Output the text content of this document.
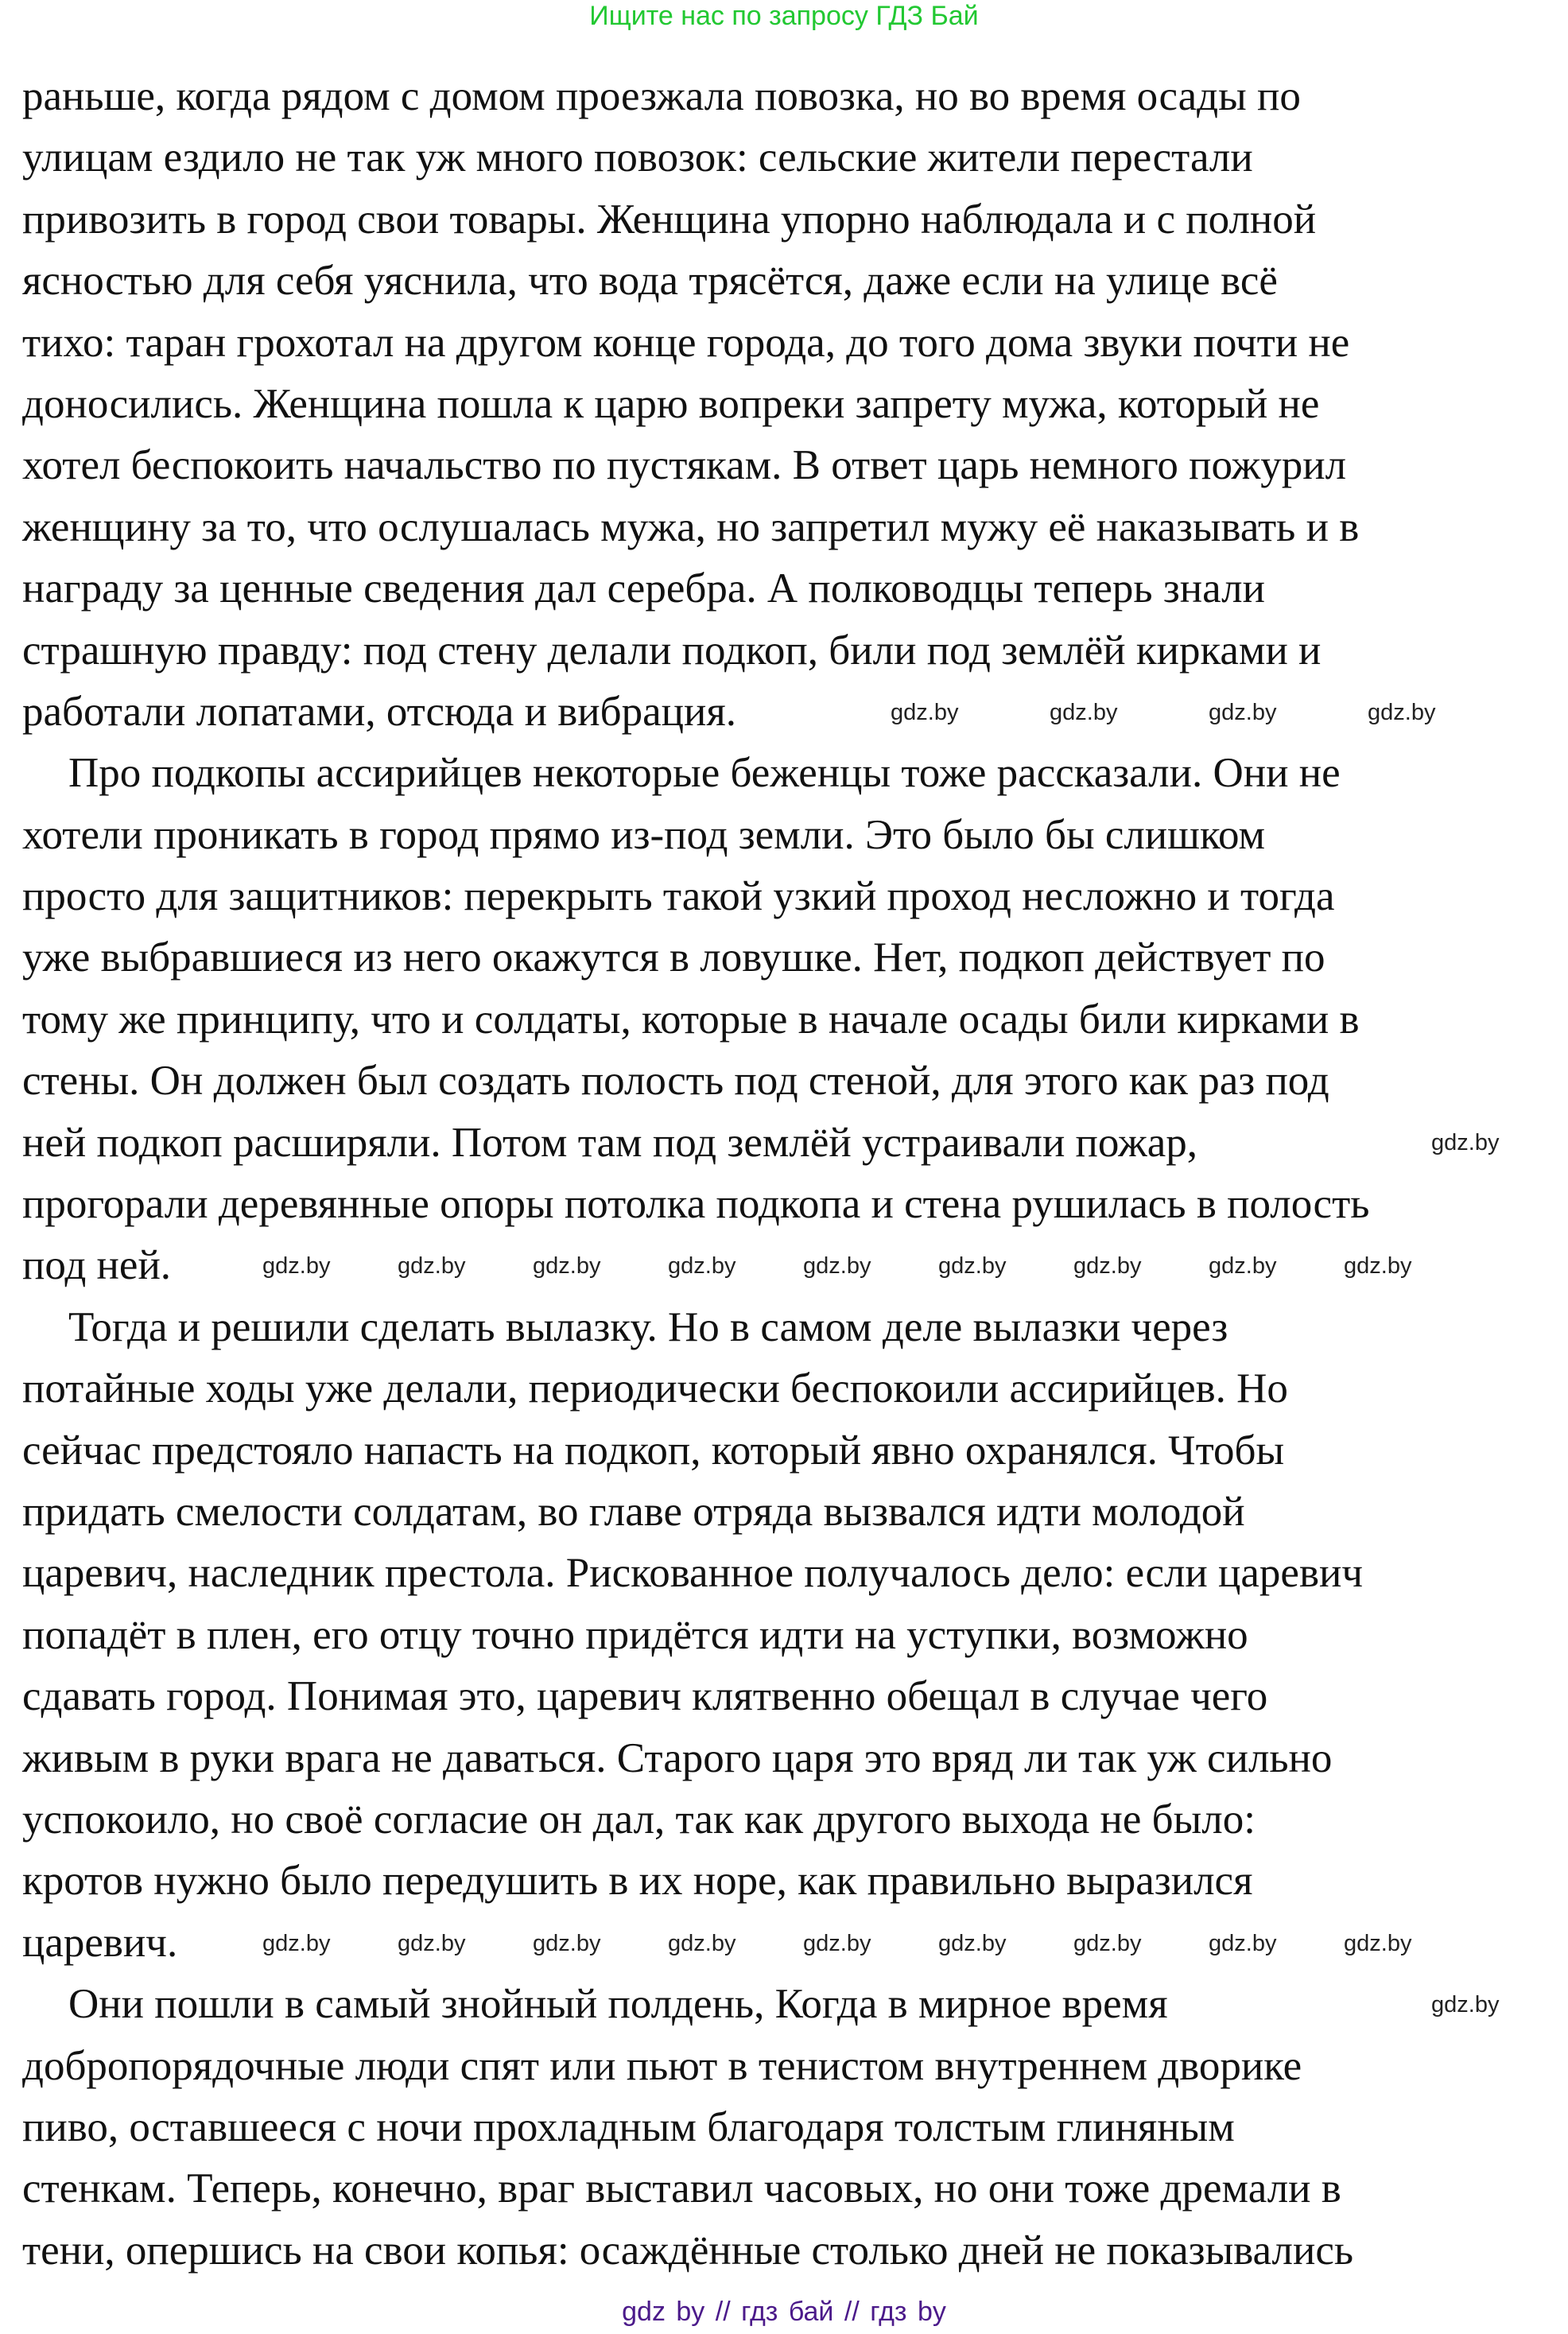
Ищите нас по запросу ГДЗ Бай
раньше, когда рядом с домом проезжала повозка, но во время осады по
улицам ездило не так уж много повозок: сельские жители перестали
привозить в город свои товары. Женщина упорно наблюдала и с полной
ясностью для себя уяснила, что вода трясётся, даже если на улице всё
тихо: таран грохотал на другом конце города, до того дома звуки почти не
доносились. Женщина пошла к царю вопреки запрету мужа, который не
хотел беспокоить начальство по пустякам. В ответ царь немного пожурил
женщину за то, что ослушалась мужа, но запретил мужу её наказывать и в
награду за ценные сведения дал серебра. А полководцы теперь знали
страшную правду: под стену делали подкоп, били под землёй кирками и
работали лопатами, отсюда и вибрация.
Про подкопы ассирийцев некоторые беженцы тоже рассказали. Они не
хотели проникать в город прямо из-под земли. Это было бы слишком
просто для защитников: перекрыть такой узкий проход несложно и тогда
уже выбравшиеся из него окажутся в ловушке. Нет, подкоп действует по
тому же принципу, что и солдаты, которые в начале осады били кирками в
стены. Он должен был создать полость под стеной, для этого как раз под
ней подкоп расширяли. Потом там под землёй устраивали пожар,
прогорали деревянные опоры потолка подкопа и стена рушилась в полость
под ней.
Тогда и решили сделать вылазку. Но в самом деле вылазки через
потайные ходы уже делали, периодически беспокоили ассирийцев. Но
сейчас предстояло напасть на подкоп, который явно охранялся. Чтобы
придать смелости солдатам, во главе отряда вызвался идти молодой
царевич, наследник престола. Рискованное получалось дело: если царевич
попадёт в плен, его отцу точно придётся идти на уступки, возможно
сдавать город. Понимая это, царевич клятвенно обещал в случае чего
живым в руки врага не даваться. Старого царя это вряд ли так уж сильно
успокоило, но своё согласие он дал, так как другого выхода не было:
кротов нужно было передушить в их норе, как правильно выразился
царевич.
Они пошли в самый знойный полдень, Когда в мирное время
добропорядочные люди спят или пьют в тенистом внутреннем дворике
пиво, оставшееся с ночи прохладным благодаря толстым глиняным
стенкам. Теперь, конечно, враг выставил часовых, но они тоже дремали в
тени, опершись на свои копья: осаждённые столько дней не показывались
gdz.by	gdz.by	gdz.by	gdz.by
gdz.by
gdz.by	gdz.by	gdz.by	gdz.by	gdz.by	gdz.by	gdz.by	gdz.by	gdz.by
gdz.by	gdz.by	gdz.by	gdz.by	gdz.by	gdz.by	gdz.by	gdz.by	gdz.by
gdz.by
gdz by // гдз бай // гдз by
